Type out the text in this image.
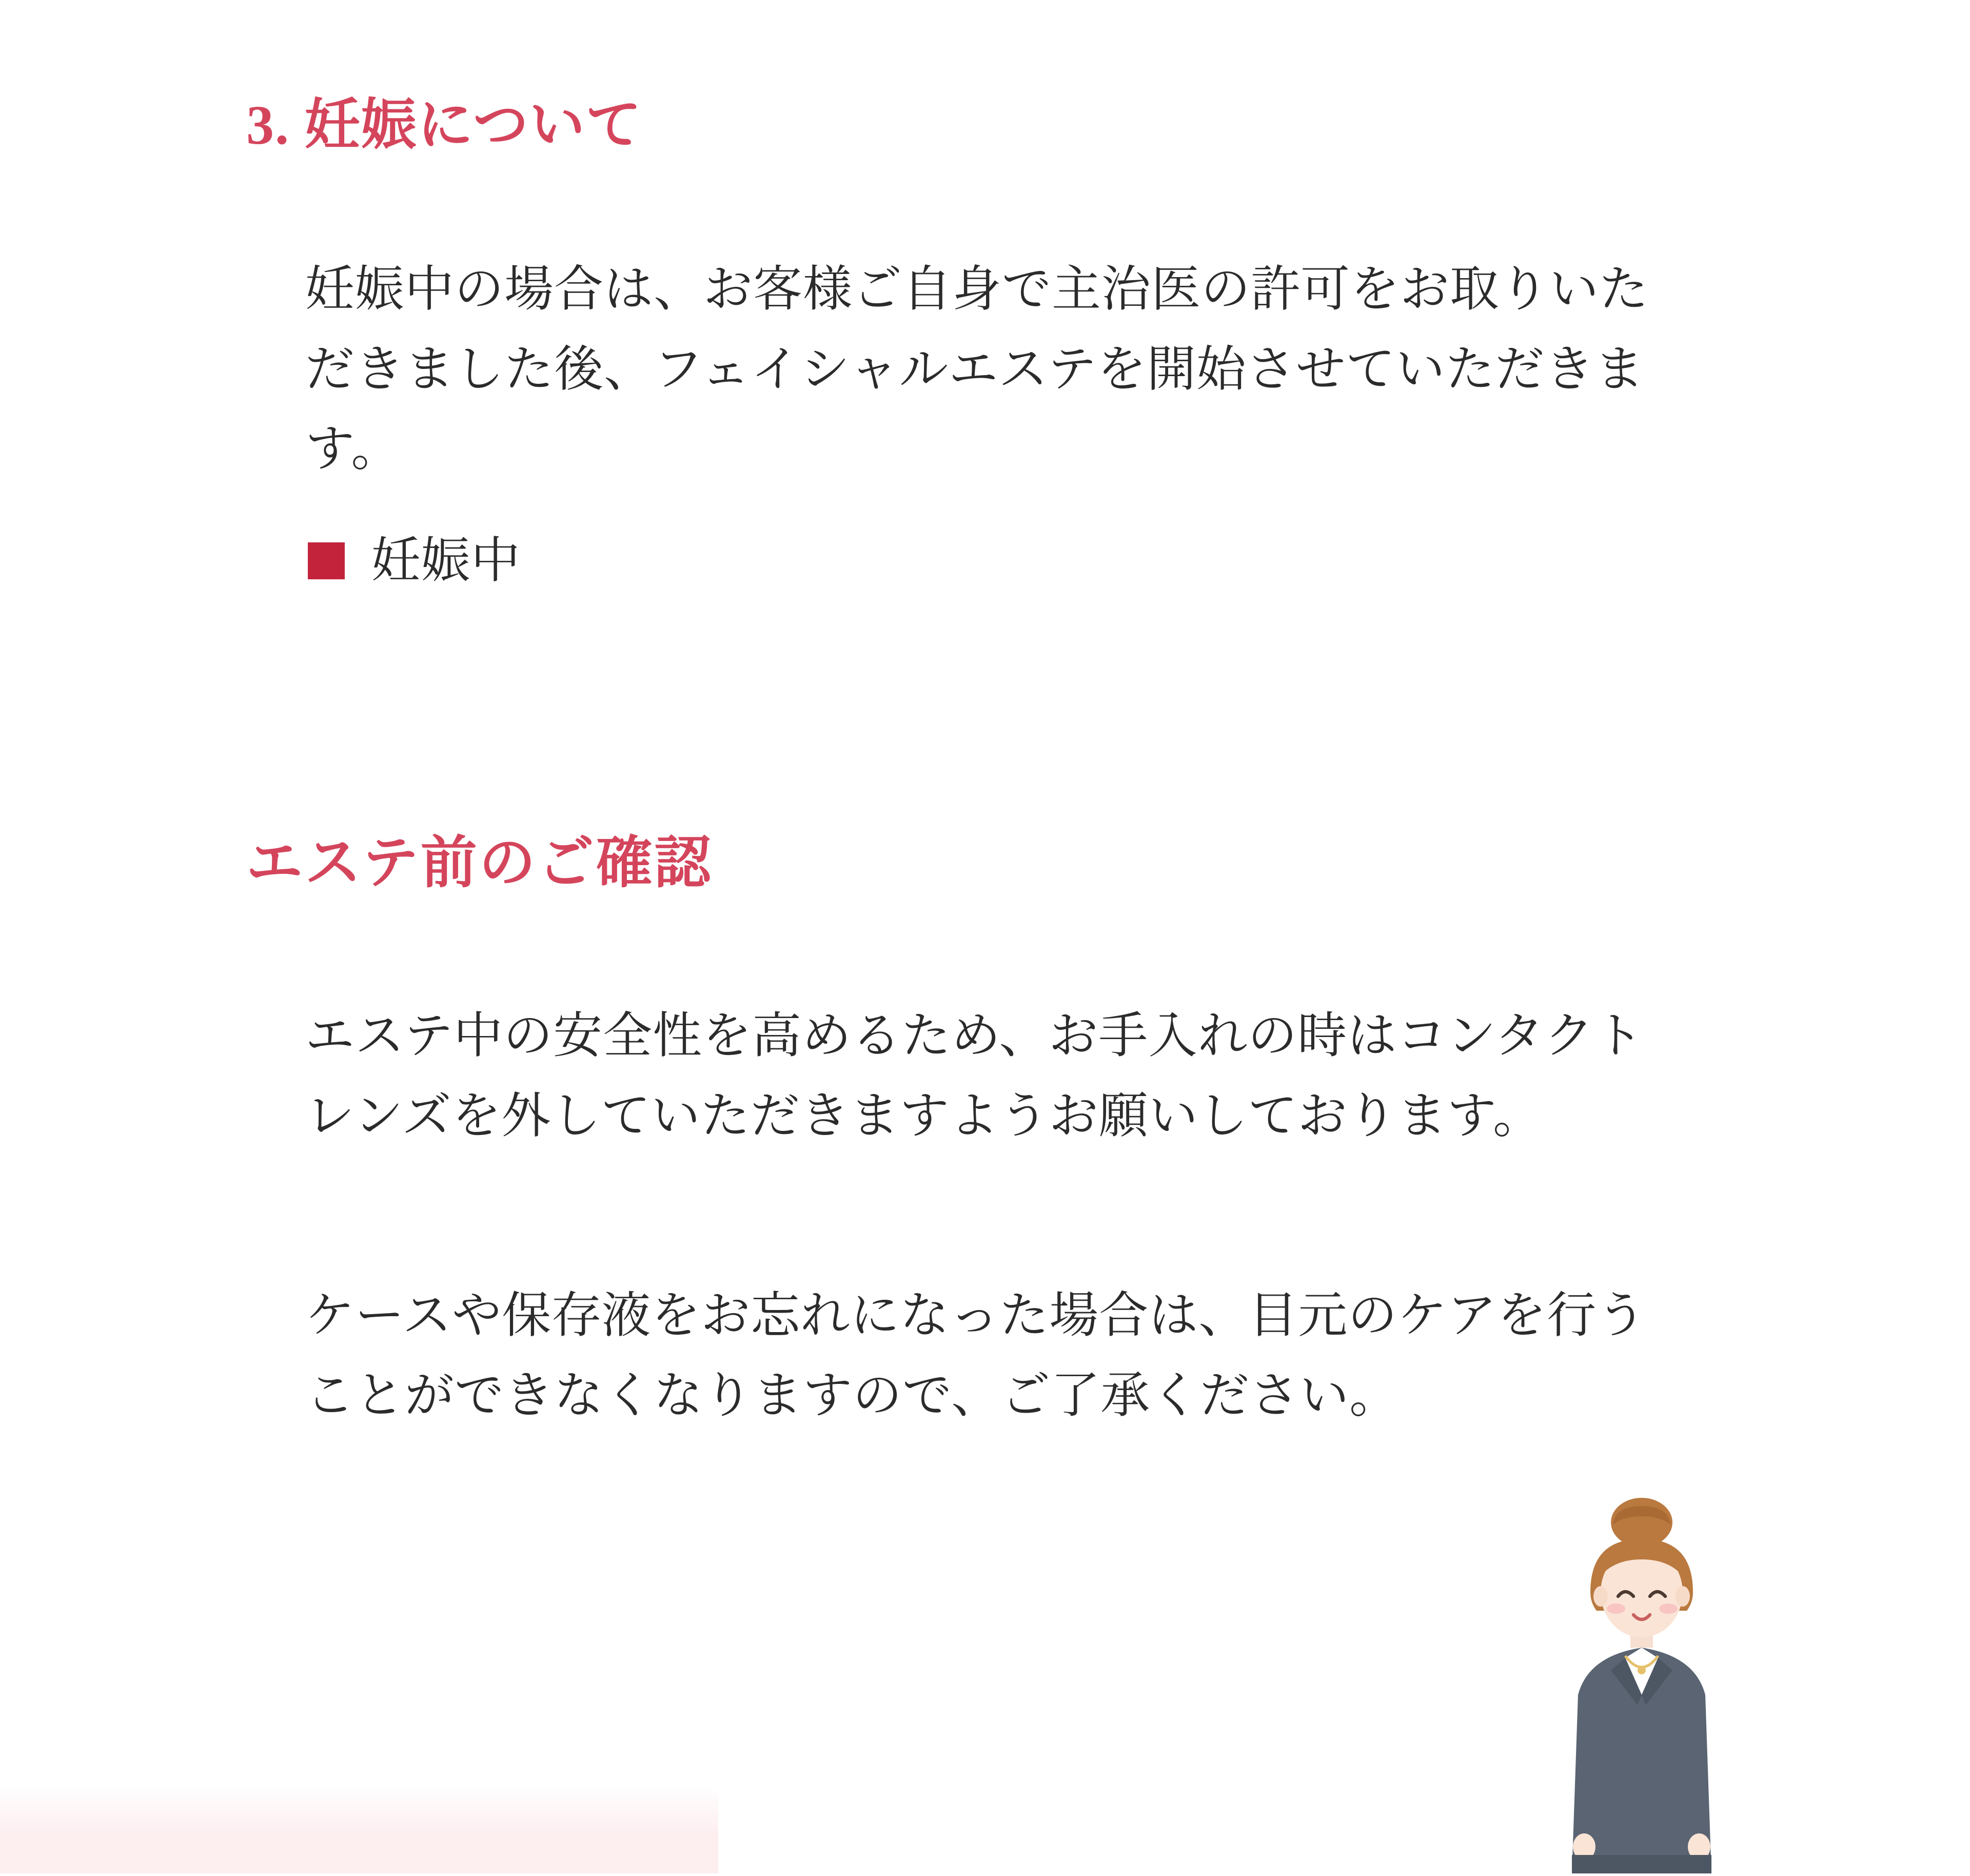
3. 妊娠について

妊娠中の場合は、お客様ご自身で主治医の許可をお取りいただきました後、フェイシャルエステを開始させていただきます。

妊娠中
エステ前のご確認

エステ中の安全性を高めるため、お手入れの時はコンタクトレンズを外していただきますようお願いしております。

ケースや保存液をお忘れになった場合は、目元のケアを行うことができなくなりますので、ご了承ください。
